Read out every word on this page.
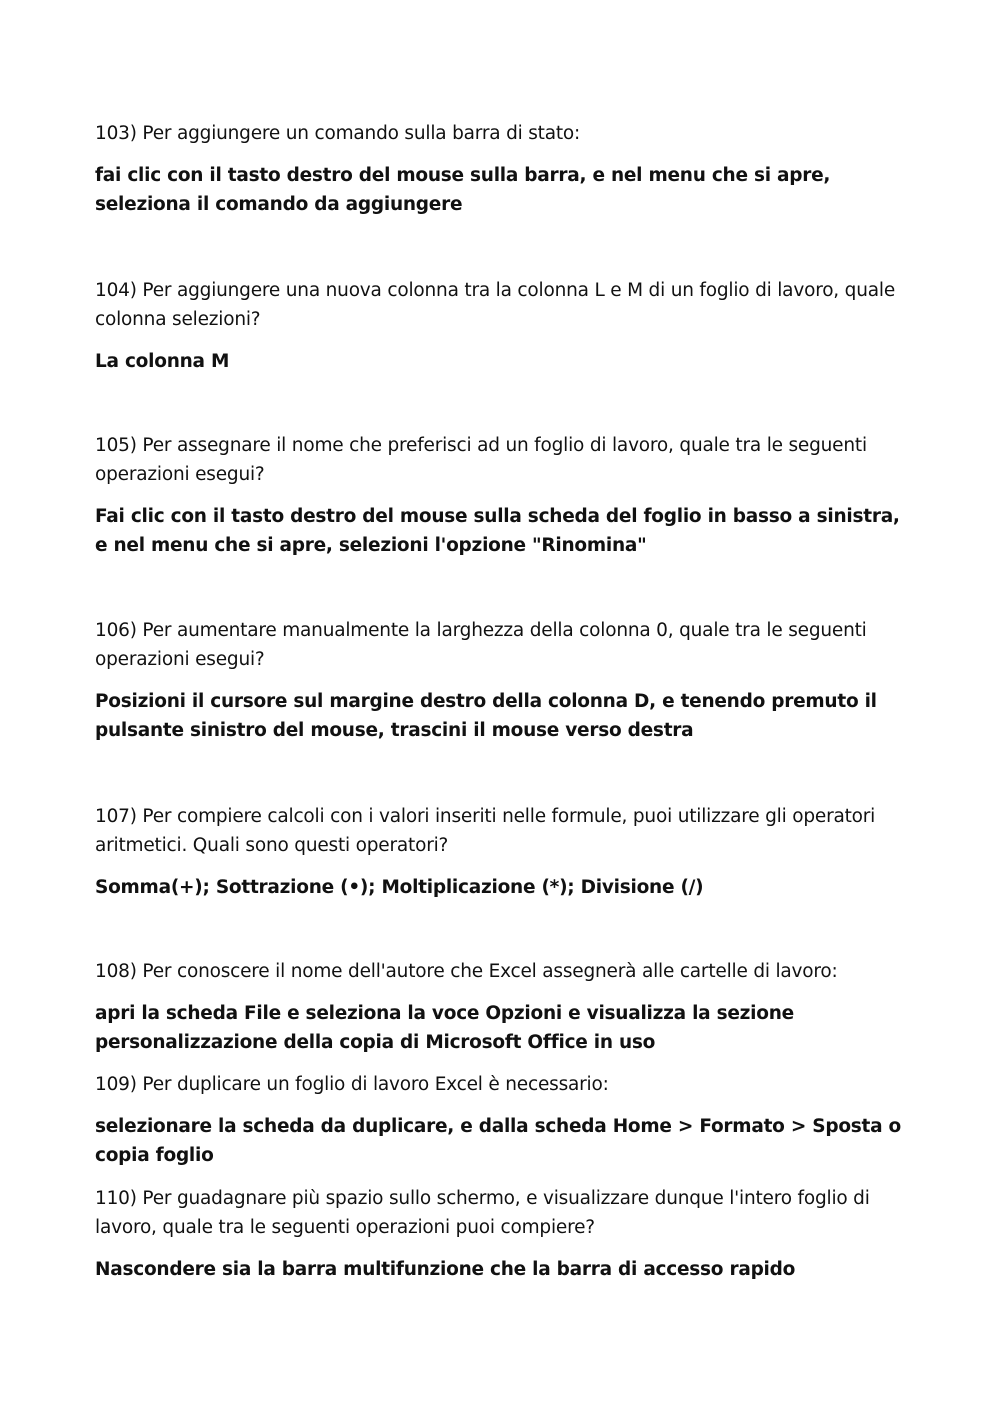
103) Per aggiungere un comando sulla barra di stato:

fai clic con il tasto destro del mouse sulla barra, e nel menu che si apre, seleziona il comando da aggiungere

104) Per aggiungere una nuova colonna tra la colonna L e M di un foglio di lavoro, quale colonna selezioni?

La colonna M

105) Per assegnare il nome che preferisci ad un foglio di lavoro, quale tra le seguenti operazioni esegui?

Fai clic con il tasto destro del mouse sulla scheda del foglio in basso a sinistra, e nel menu che si apre, selezioni l'opzione "Rinomina"

106) Per aumentare manualmente la larghezza della colonna 0, quale tra le seguenti operazioni esegui?

Posizioni il cursore sul margine destro della colonna D, e tenendo premuto il pulsante sinistro del mouse, trascini il mouse verso destra

107) Per compiere calcoli con i valori inseriti nelle formule, puoi utilizzare gli operatori aritmetici. Quali sono questi operatori?

Somma(+); Sottrazione (•); Moltiplicazione (*); Divisione (/)

108) Per conoscere il nome dell'autore che Excel assegnerà alle cartelle di lavoro:

apri la scheda File e seleziona la voce Opzioni e visualizza la sezione personalizzazione della copia di Microsoft Office in uso

109) Per duplicare un foglio di lavoro Excel è necessario:

selezionare la scheda da duplicare, e dalla scheda Home > Formato > Sposta o copia foglio

110) Per guadagnare più spazio sullo schermo, e visualizzare dunque l'intero foglio di lavoro, quale tra le seguenti operazioni puoi compiere?

Nascondere sia la barra multifunzione che la barra di accesso rapido
